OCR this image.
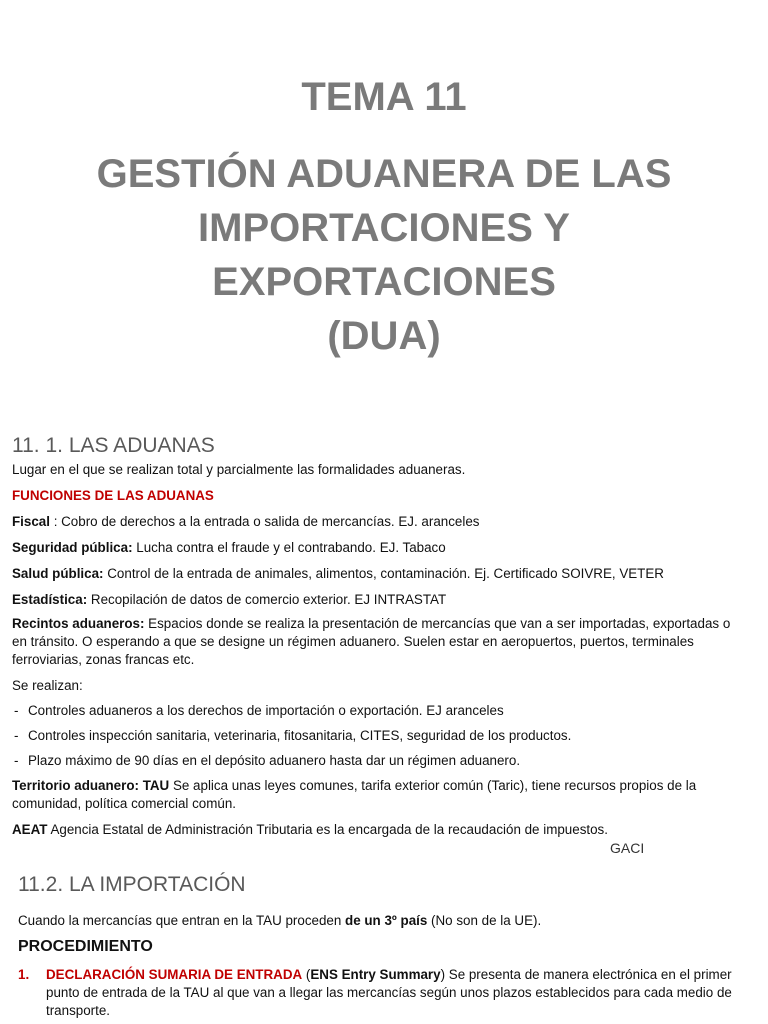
TEMA 11
GESTIÓN ADUANERA DE LAS
IMPORTACIONES Y
EXPORTACIONES
(DUA)
11. 1. LAS ADUANAS
Lugar en el que se realizan total y parcialmente las formalidades aduaneras.
FUNCIONES DE LAS ADUANAS
Fiscal : Cobro de derechos a la entrada o salida de mercancías. EJ. aranceles
Seguridad pública: Lucha contra el fraude y el contrabando. EJ. Tabaco
Salud pública: Control de la entrada de animales, alimentos, contaminación. Ej. Certificado SOIVRE, VETER
Estadística: Recopilación de datos de comercio exterior. EJ INTRASTAT
Recintos aduaneros: Espacios donde se realiza la presentación de mercancías que van a ser importadas, exportadas o en tránsito. O esperando a que se designe un régimen aduanero. Suelen estar en aeropuertos, puertos, terminales ferroviarias, zonas francas etc.
Se realizan:
- Controles aduaneros a los derechos de importación o exportación. EJ aranceles
- Controles inspección sanitaria, veterinaria, fitosanitaria, CITES, seguridad de los productos.
- Plazo máximo de 90 días en el depósito aduanero hasta dar un régimen aduanero.
Territorio aduanero: TAU Se aplica unas leyes comunes, tarifa exterior común (Taric), tiene recursos propios de la comunidad, política comercial común.
AEAT Agencia Estatal de Administración Tributaria es la encargada de la recaudación de impuestos.
GACI
11.2. LA IMPORTACIÓN
Cuando la mercancías que entran en la TAU proceden de un 3º país (No son de la UE).
PROCEDIMIENTO
1. DECLARACIÓN SUMARIA DE ENTRADA (ENS Entry Summary) Se presenta de manera electrónica en el primer punto de entrada de la TAU al que van a llegar las mercancías según unos plazos establecidos para cada medio de transporte.
